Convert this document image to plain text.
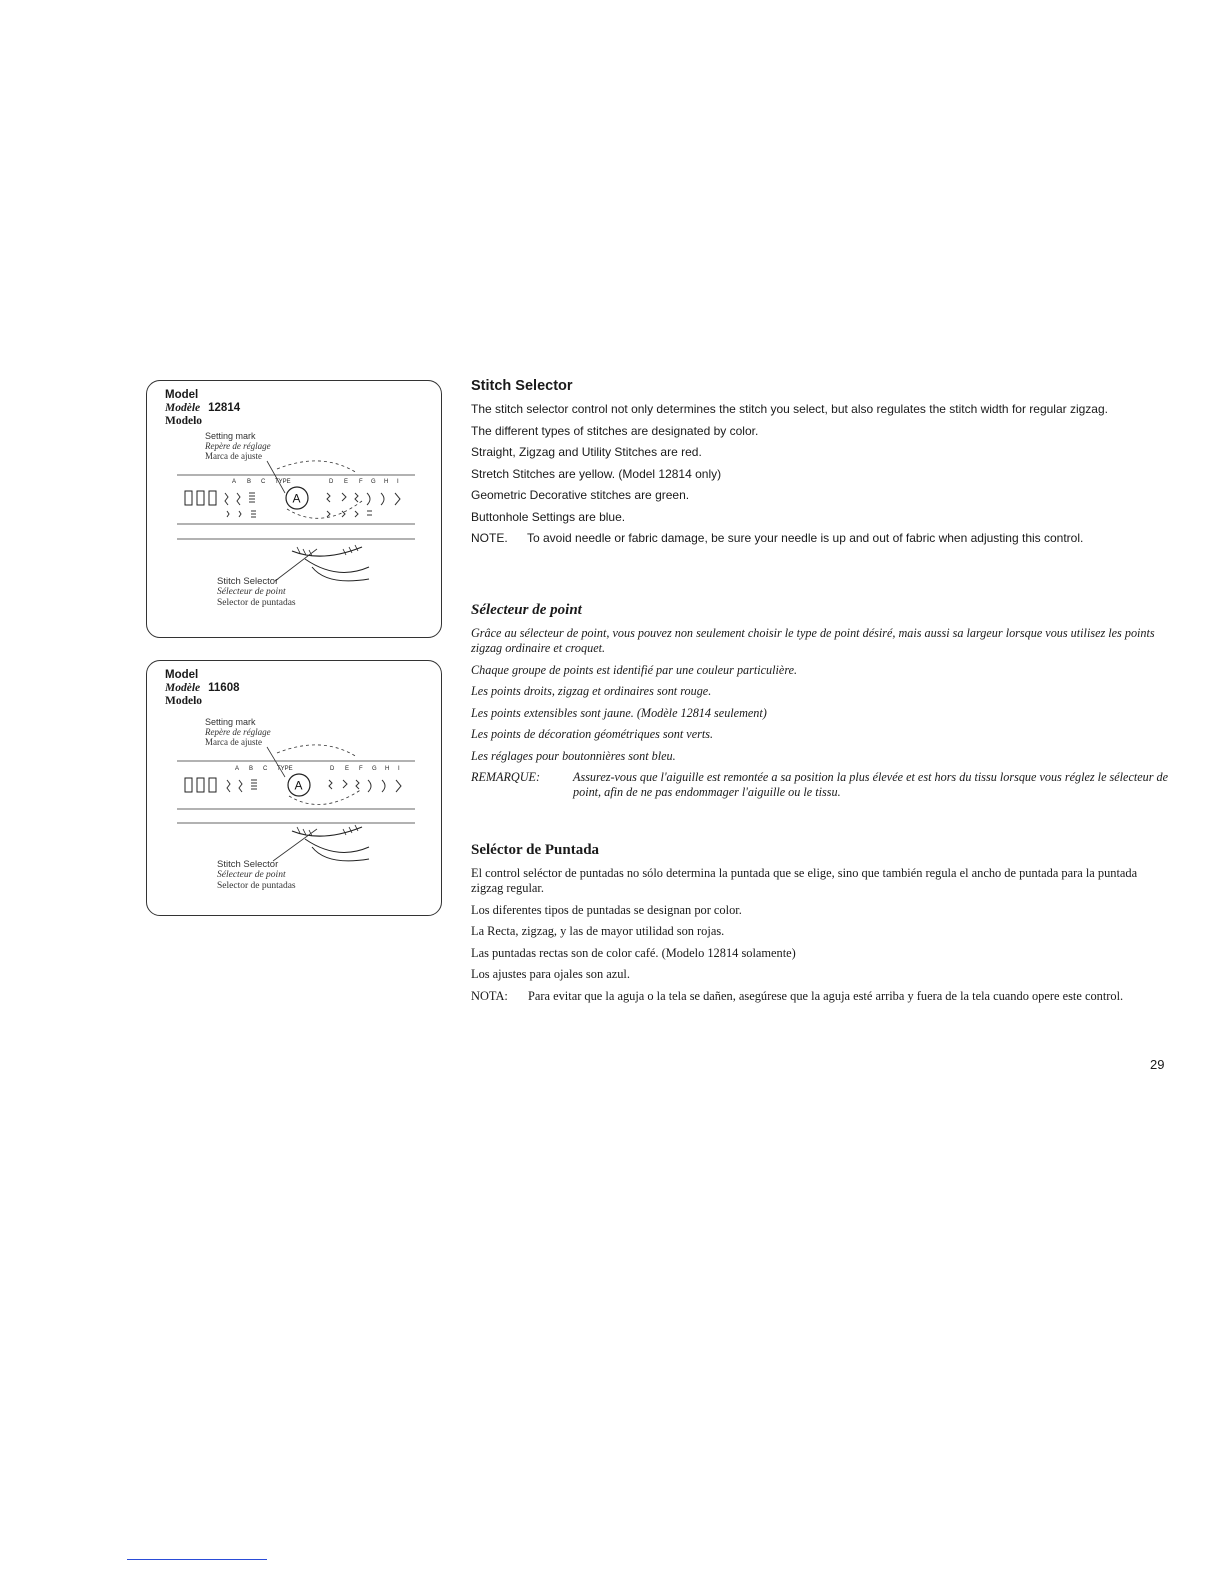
Model
Modèle 12814
Modelo
Setting mark
Repère de réglage
Marca de ajuste
A B C TYPE	D E F G H I
A
Stitch Selector
Sélecteur de point
Selector de puntadas
Model
Modèle 11608
Modelo
Setting mark
Repère de réglage
Marca de ajuste
A B C TYPE	D E F G H I
A
Stitch Selector
Sélecteur de point
Selector de puntadas
Stitch Selector

The stitch selector control not only determines the stitch you select, but also regulates the stitch width for regular zigzag.

The different types of stitches are designated by color.

Straight, Zigzag and Utility Stitches are red.

Stretch Stitches are yellow. (Model 12814 only)

Geometric Decorative stitches are green.

Buttonhole Settings are blue.

NOTE.	To avoid needle or fabric damage, be sure your needle is up and out of fabric when adjusting this control.
Sélecteur de point

Grâce au sélecteur de point, vous pouvez non seulement choisir le type de point désiré, mais aussi sa largeur lorsque vous utilisez les points zigzag ordinaire et croquet.

Chaque groupe de points est identifié par une couleur particulière.

Les points droits, zigzag et ordinaires sont rouge.

Les points extensibles sont jaune. (Modèle 12814 seulement)

Les points de décoration géométriques sont verts.

Les réglages pour boutonnières sont bleu.

REMARQUE:	Assurez-vous que l'aiguille est remontée a sa position la plus élevée et est hors du tissu lorsque vous réglez le sélecteur de point, afin de ne pas endommager l'aiguille ou le tissu.
Seléctor de Puntada

El control seléctor de puntadas no sólo determina la puntada que se elige, sino que también regula el ancho de puntada para la puntada zigzag regular.

Los diferentes tipos de puntadas se designan por color.

La Recta, zigzag, y las de mayor utilidad son rojas.

Las puntadas rectas son de color café. (Modelo 12814 solamente)

Los ajustes para ojales son azul.

NOTA:	Para evitar que la aguja o la tela se dañen, asegúrese que la aguja esté arriba y fuera de la tela cuando opere este control.
29
